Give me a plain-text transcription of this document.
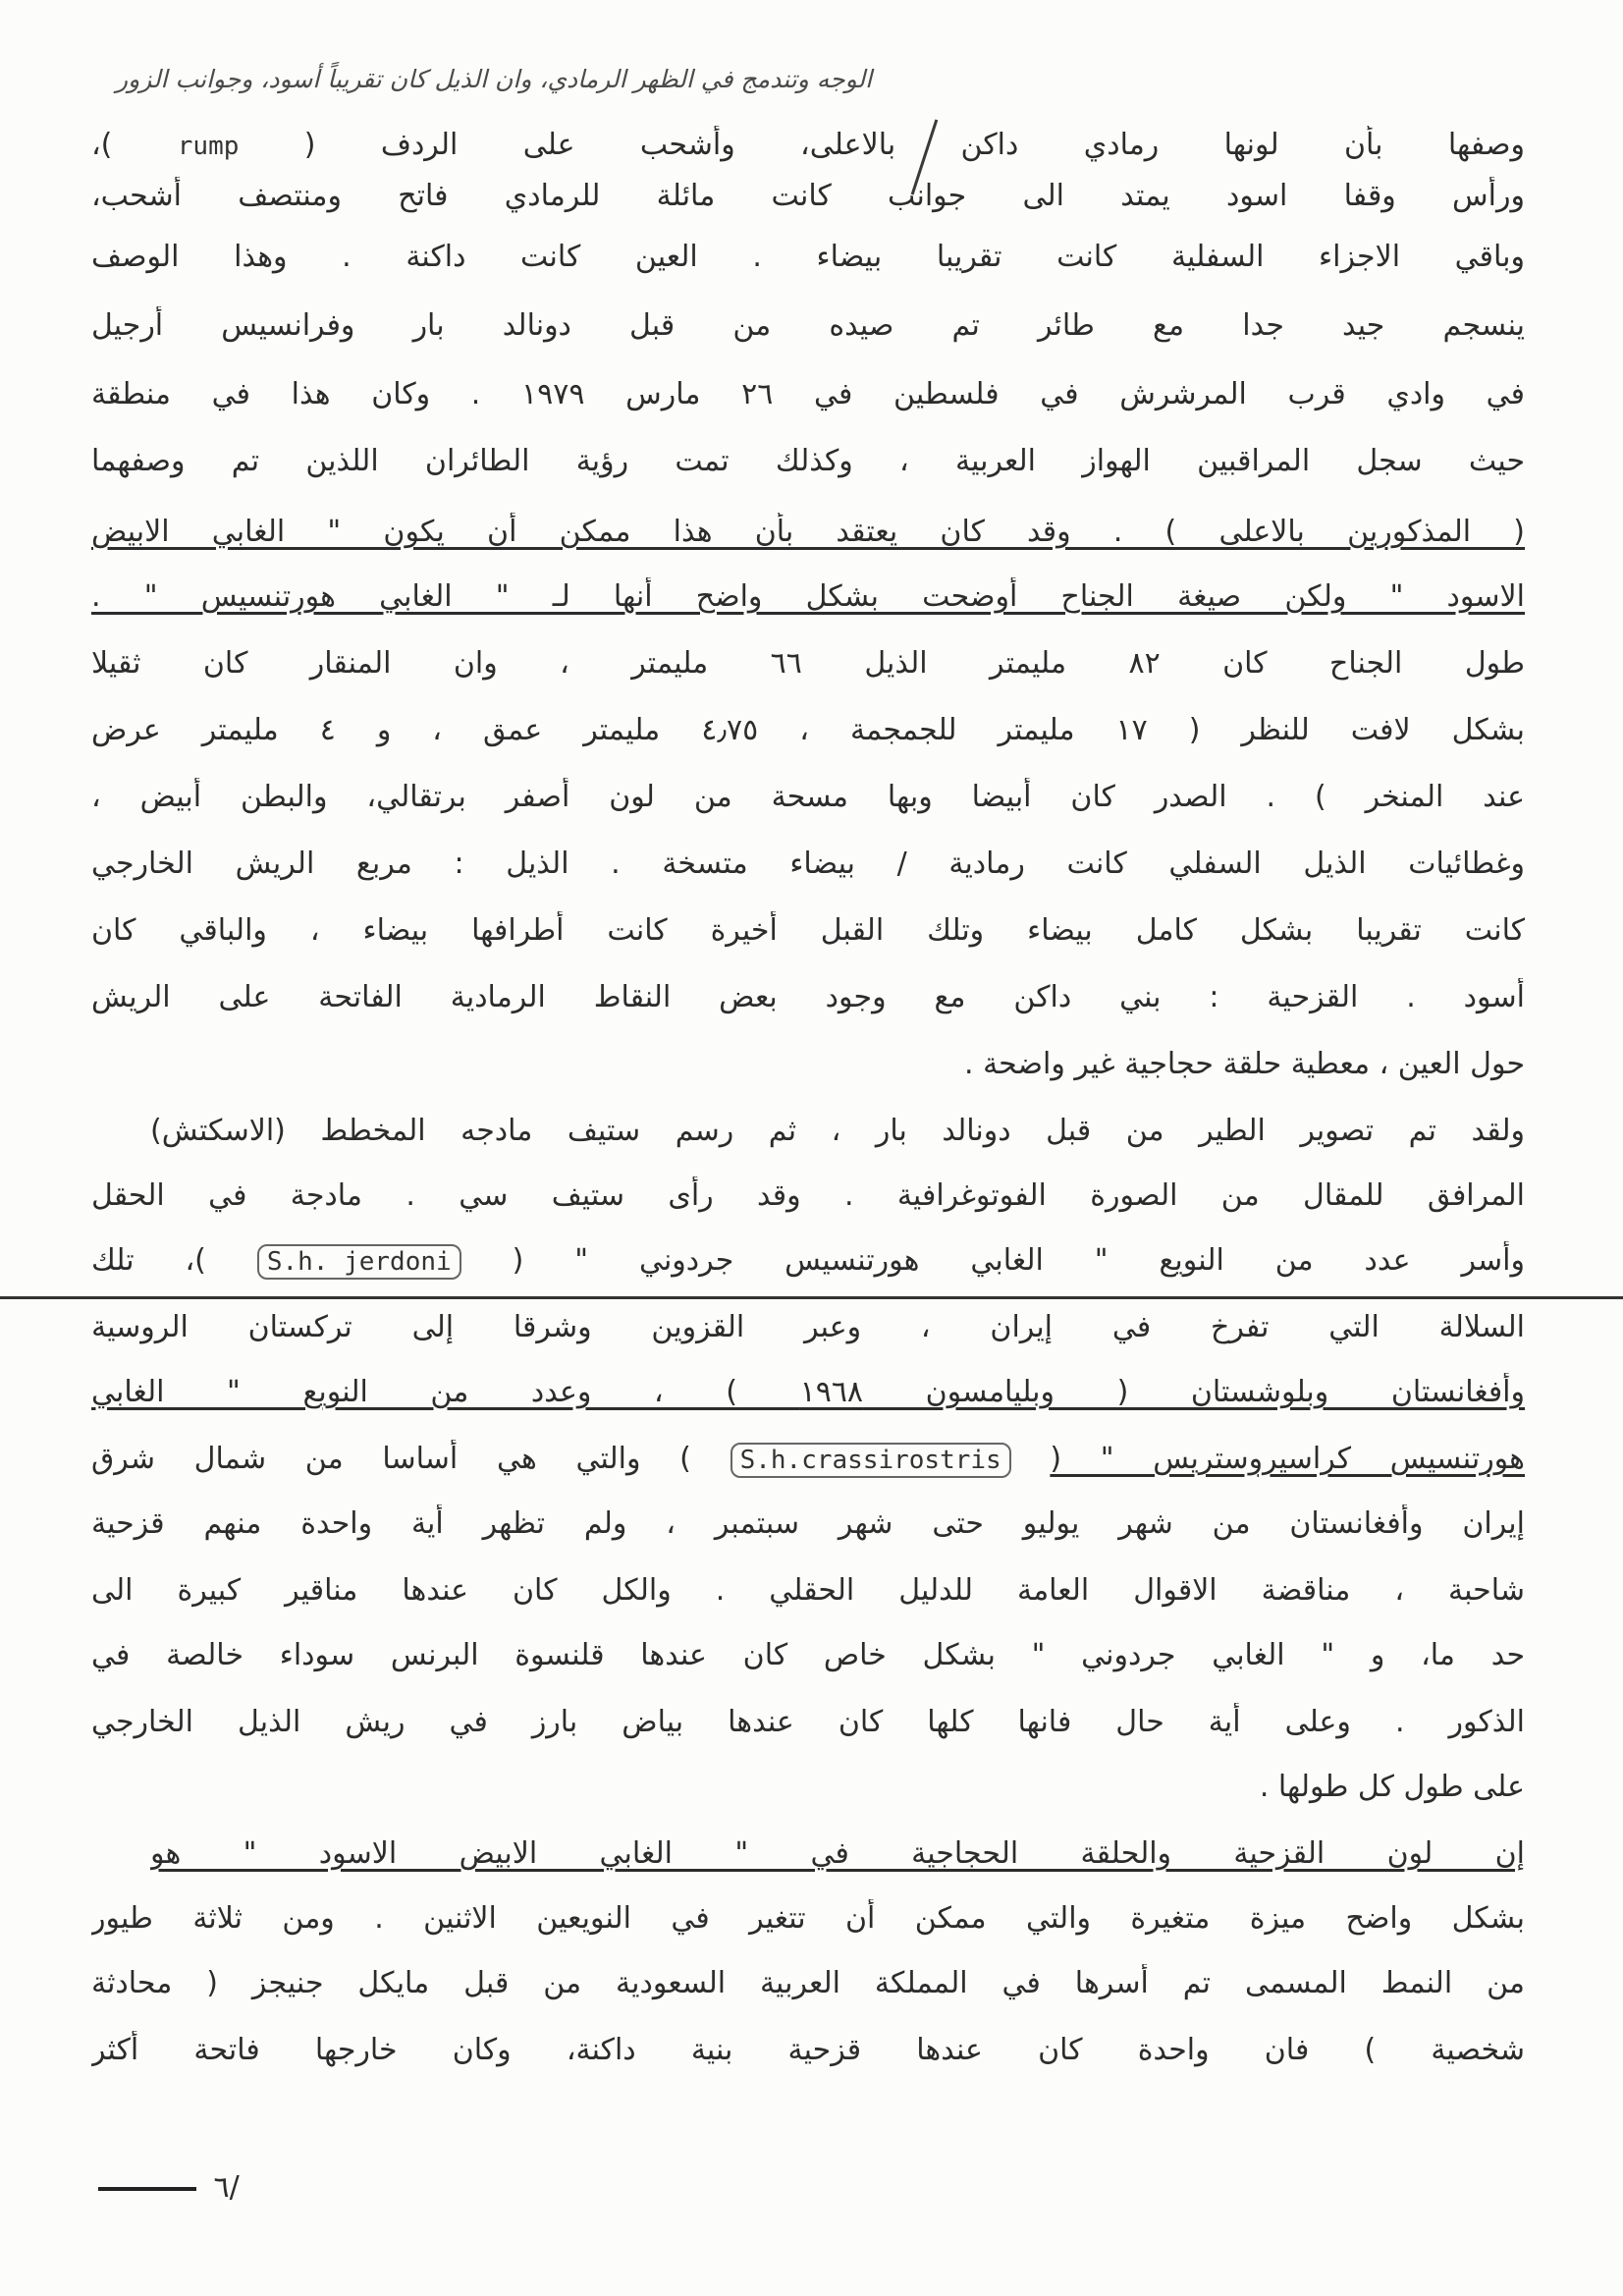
الوجه وتندمج في الظهر الرمادي، وان الذيل كان تقريباً أسود، وجوانب الزور
وصفها بأن لونها رمادي داكن بالاعلى، وأشحب على الردف ( rump )،
ورأس وقفا اسود يمتد الى جوانب كانت مائلة للرمادي فاتح ومنتصف أشحب،
وباقي الاجزاء السفلية كانت تقريبا بيضاء . العين كانت داكنة . وهذا الوصف
ينسجم جيد جدا مع طائر تم صيده من قبل دونالد بار وفرانسيس أرجيل
في وادي قرب المرشرش في فلسطين في ٢٦ مارس ١٩٧٩ . وكان هذا في منطقة
حيث سجل المراقبين الهواز العربية ، وكذلك تمت رؤية الطائران اللذين تم وصفهما
( المذكورين بالاعلى ) . وقد كان يعتقد بأن هذا ممكن أن يكون " الغابي الابيض
الاسود " ولكن صيغة الجناح أوضحت بشكل واضح أنها لـ " الغابي هورتنسيس " .
طول الجناح كان ٨٢ مليمتر الذيل ٦٦ مليمتر ، وان المنقار كان ثقيلا
بشكل لافت للنظر ( ١٧ مليمتر للجمجمة ، ٤٫٧٥ مليمتر عمق ، و ٤ مليمتر عرض
عند المنخر ) . الصدر كان أبيضا وبها مسحة من لون أصفر برتقالي، والبطن أبيض ،
وغطائيات الذيل السفلي كانت رمادية / بيضاء متسخة . الذيل : مربع الريش الخارجي
كانت تقريبا بشكل كامل بيضاء وتلك القبل أخيرة كانت أطرافها بيضاء ، والباقي كان
أسود . القزحية : بني داكن مع وجود بعض النقاط الرمادية الفاتحة على الريش
حول العين ، معطية حلقة حجاجية غير واضحة .
ولقد تم تصوير الطير من قبل دونالد بار ، ثم رسم ستيف مادجه المخطط (الاسكتش)
المرافق للمقال من الصورة الفوتوغرافية . وقد رأى ستيف سي . مادجة في الحقل
وأسر عدد من النويع " الغابي هورتنسيس جردوني " ( S.h. jerdoni )، تلك
السلالة التي تفرخ في إيران ، وعبر القزوين وشرقا إلى تركستان الروسية
وأفغانستان وبلوشستان ( وبليامسون ١٩٦٨ ) ، وعدد من النويع " الغابي
هورتنسيس كراسيروستريس " ( S.h.crassirostris ) والتي هي أساسا من شمال شرق
إيران وأفغانستان من شهر يوليو حتى شهر سبتمبر ، ولم تظهر أية واحدة منهم قزحية
شاحبة ، مناقضة الاقوال العامة للدليل الحقلي . والكل كان عندها مناقير كبيرة الى
حد ما، و " الغابي جردوني " بشكل خاص كان عندها قلنسوة البرنس سوداء خالصة في
الذكور . وعلى أية حال فانها كلها كان عندها بياض بارز في ريش الذيل الخارجي
على طول كل طولها .
إن لون القزحية والحلقة الحجاجية في " الغابي الابيض الاسود " هو
بشكل واضح ميزة متغيرة والتي ممكن أن تتغير في النويعين الاثنين . ومن ثلاثة طيور
من النمط المسمى تم أسرها في المملكة العربية السعودية من قبل مايكل جنيجز ( محادثة
شخصية ) فان واحدة كان عندها قزحية بنية داكنة، وكان خارجها فاتحة أكثر
٦/
